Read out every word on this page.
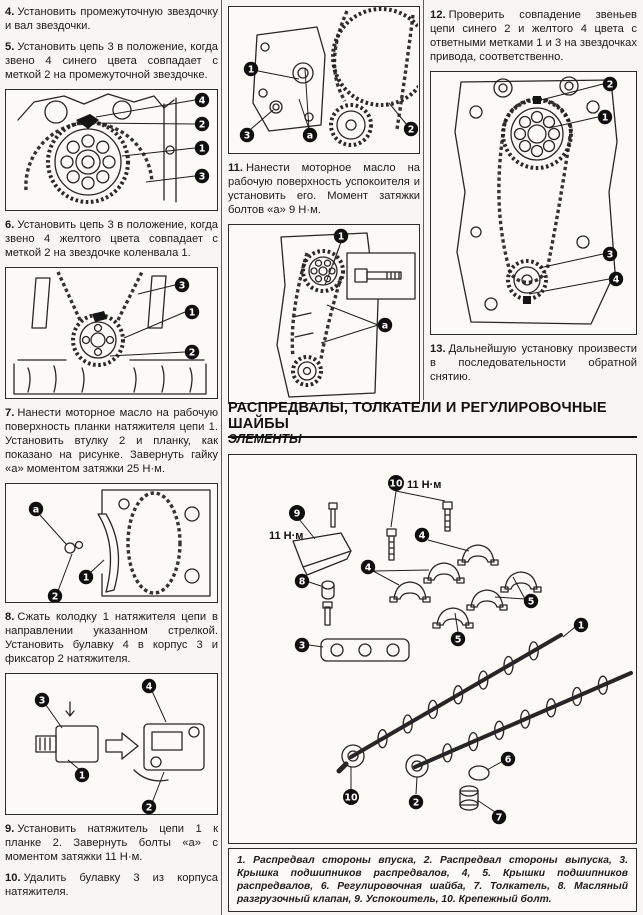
4. Установить промежуточную звездочку и вал звездочки.

5. Установить цепь 3 в положение, когда звено 4 синего цвета совпадает с меткой 2 на промежуточной звездочке.

4
2
1
3

6. Установить цепь 3 в положение, когда звено 4 желтого цвета совпадает с меткой 2 на звездочке коленвала 1.

3
1
2

7. Нанести моторное масло на рабочую поверхность планки натяжителя цепи 1. Установить втулку 2 и планку, как показано на рисунке. Завернуть гайку «а» моментом затяжки 25 Н·м.

a
1
2

8. Сжать колодку 1 натяжителя цепи в направлении указанном стрелкой. Установить булавку 4 в корпус 3 и фиксатор 2 натяжителя.

4
3
1
2

9. Установить натяжитель цепи 1 к планке 2. Завернуть болты «а» с моментом затяжки 11 Н·м.

10. Удалить булавку 3 из корпуса натяжителя.

1
3	a
2

11. Нанести моторное масло на рабочую поверхность успокоителя и установить его. Момент затяжки болтов «а» 9 Н·м.

1
a

12. Проверить совпадение звеньев цепи синего 2 и желтого 4 цвета с ответными метками 1 и 3 на звездочках привода, соответственно.

2
1
3
4

13. Дальнейшую установку произвести в последовательности обратной снятию.

РАСПРЕДВАЛЫ, ТОЛКАТЕЛИ И РЕГУЛИРОВОЧНЫЕ ШАЙБЫ
ЭЛЕМЕНТЫ
11 Н·м
11 Н·м
10
9
8
3
4
4
5
5
1
10	2
6
7
1. Распредвал стороны впуска, 2. Распредвал стороны выпуска, 3. Крышка подшипников распредвалов, 4, 5. Крышки подшипников распредвалов, 6. Регулировочная шайба, 7. Толкатель, 8. Масляный разгрузочный клапан, 9. Успокоитель, 10. Крепежный болт.
